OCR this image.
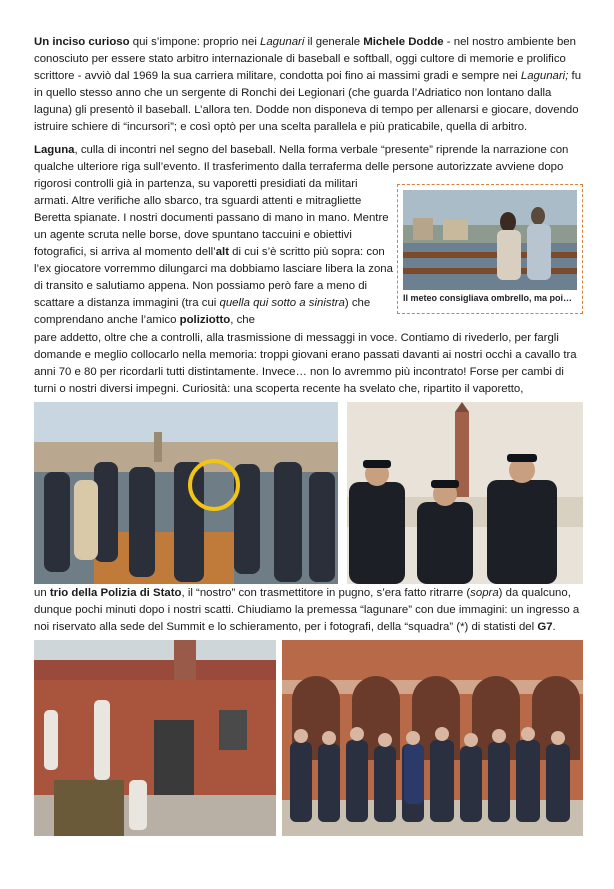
Un inciso curioso qui s’impone: proprio nei Lagunari il generale Michele Dodde - nel nostro ambiente ben conosciuto per essere stato arbitro internazionale di baseball e softball, oggi cultore di memorie e prolifico scrittore - avviò dal 1969 la sua carriera militare, condotta poi fino ai massimi gradi e sempre nei Lagunari; fu in quello stesso anno che un sergente di Ronchi dei Legionari (che guarda l’Adriatico non lontano dalla laguna) gli presentò il baseball. L’allora ten. Dodde non disponeva di tempo per allenarsi e giocare, dovendo istruire schiere di “incursori”; e così optò per una scelta parallela e più praticabile, quella di arbitro.

Laguna, culla di incontri nel segno del baseball. Nella forma verbale “presente” riprende la narrazione con qualche ulteriore riga sull’evento. Il trasferimento dalla terraferma delle persone autorizzate avviene dopo

rigorosi controlli già in partenza, su vaporetti presidiati da militari armati. Altre verifiche allo sbarco, tra sguardi attenti e mitragliette Beretta spianate. I nostri documenti passano di mano in mano. Mentre un agente scruta nelle borse, dove spuntano taccuini e obiettivi fotografici, si arriva al momento dell’alt di cui s’è scritto più sopra: con l’ex giocatore vorremmo dilungarci ma dobbiamo lasciare libera la zona di transito e salutiamo appena. Non possiamo però fare a meno di scattare a distanza immagini (tra cui quella qui sotto a sinistra) che comprendano anche l’amico poliziotto, che
Il meteo consigliava ombrello, ma poi…

pare addetto, oltre che a controlli, alla trasmissione di messaggi in voce. Contiamo di rivederlo, per fargli domande e meglio collocarlo nella memoria: troppi giovani erano passati davanti ai nostri occhi a cavallo tra anni 70 e 80 per ricordarli tutti distintamente. Invece… non lo avremmo più incontrato! Forse per cambi di turni o nostri diversi impegni. Curiosità: una scoperta recente ha svelato che, ripartito il vaporetto,

un trio della Polizia di Stato, il “nostro” con trasmettitore in pugno, s’era fatto ritrarre (sopra) da qualcuno, dunque pochi minuti dopo i nostri scatti. Chiudiamo la premessa “lagunare” con due immagini: un ingresso a noi riservato alla sede del Summit e lo schieramento, per i fotografi, della “squadra” (*) di statisti del G7.
